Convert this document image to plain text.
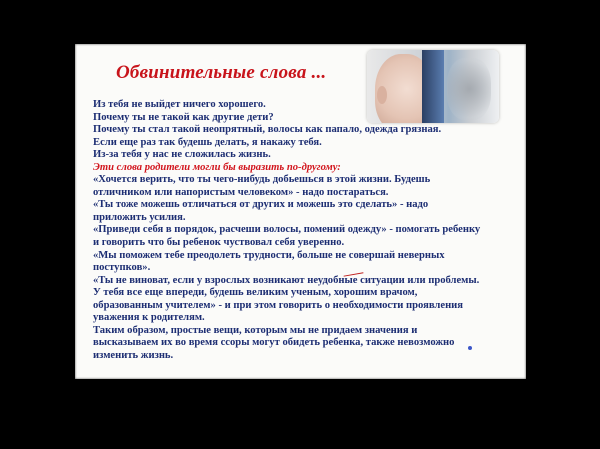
Обвинительные слова ...

Из тебя не выйдет ничего хорошего.

Почему ты не такой как другие дети?

Почему ты стал такой неопрятный, волосы как папало, одежда грязная.

Если еще раз так будешь делать, я накажу тебя.

Из-за тебя у нас не сложилась жизнь.

Эти слова родители могли бы выразить по-другому:

«Хочется верить, что ты чего-нибудь добьешься в этой жизни. Будешь

отличником или напористым человеком» - надо постараться.

«Ты тоже можешь отличаться от других и можешь это сделать» - надо

приложить усилия.

«Приведи себя в порядок, расчеши волосы, помений одежду» - помогать ребенку

и говорить что бы ребенок чуствовал себя уверенно.

«Мы поможем тебе преодолеть трудности, больше не совершай неверных

поступков».

«Ты не виноват, если у взрослых возникают неудобные ситуации или проблемы.

У тебя все еще впереди, будешь великим ученым, хорошим врачом,

образованным учителем» - и при этом говорить о необходимости проявления

уважения к родителям.

Таким образом, простые вещи, которым мы не придаем значения и

высказываем их во время ссоры могут обидеть ребенка, также невозможно

изменить жизнь.
